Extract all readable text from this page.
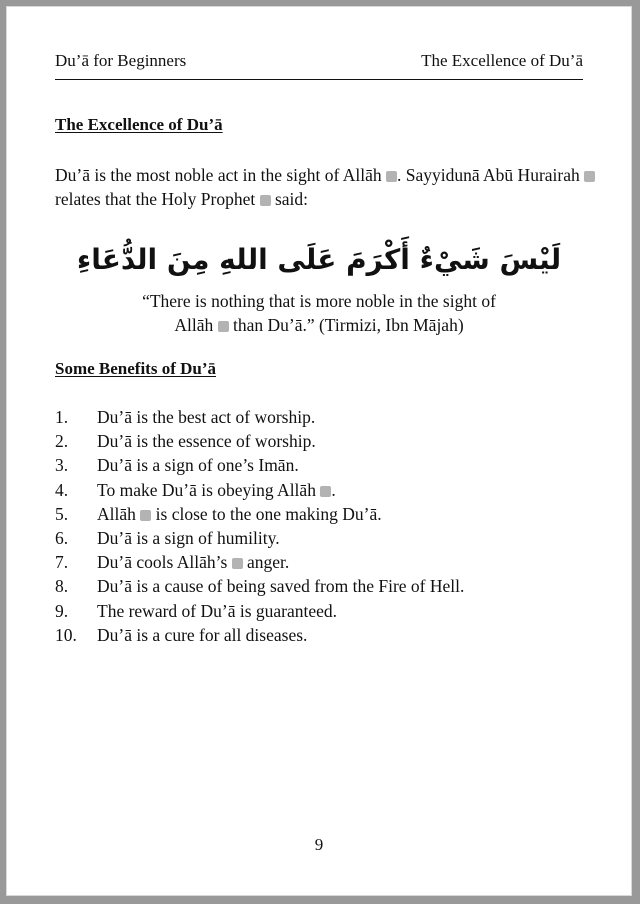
Du’ā for Beginners	The Excellence of Du’ā
The Excellence of Du’ā
Du’ā is the most noble act in the sight of Allāh . Sayyidunā Abū Hurairah  relates that the Holy Prophet said:
لَيْسَ شَيْءٌ أَكْرَمَ عَلَى اللهِ مِنَ الدُّعَاءِ
“There is nothing that is more noble in the sight of
Allāh than Du’ā.” (Tirmizi, Ibn Mājah)
Some Benefits of Du’ā
1.	Du’ā is the best act of worship.
2.	Du’ā is the essence of worship.
3.	Du’ā is a sign of one’s Imān.
4.	To make Du’ā is obeying Allāh .
5.	Allāh is close to the one making Du’ā.
6.	Du’ā is a sign of humility.
7.	Du’ā cools Allāh’s anger.
8.	Du’ā is a cause of being saved from the Fire of Hell.
9.	The reward of Du’ā is guaranteed.
10.	Du’ā is a cure for all diseases.
9
